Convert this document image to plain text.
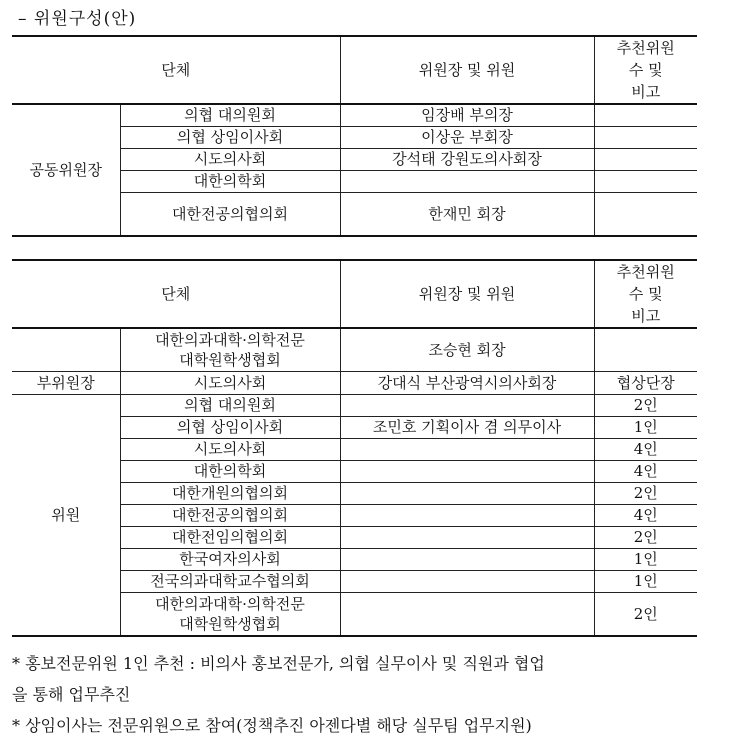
– 위원구성(안)
단체		위원장 및 위원	추천위원
수 및
비고
공동위원장	의협 대의원회	임장배 부의장	
	의협 상임이사회	이상운 부회장	
	시도의사회	강석태 강원도의사회장	
	대한의학회		
	대한전공의협의회	한재민 회장	
단체		위원장 및 위원	추천위원
수 및
비고
	대한의과대학·의학전문
대학원학생협회	조승현 회장	
부위원장	시도의사회	강대식 부산광역시의사회장	협상단장
위원	의협 대의원회		2인
	의협 상임이사회	조민호 기획이사 겸 의무이사	1인
	시도의사회		4인
	대한의학회		4인
	대한개원의협의회		2인
	대한전공의협의회		4인
	대한전임의협의회		2인
	한국여자의사회		1인
	전국의과대학교수협의회		1인
	대한의과대학·의학전문
대학원학생협회		2인
* 홍보전문위원 1인 추천 : 비의사 홍보전문가, 의협 실무이사 및 직원과 협업
을 통해 업무추진
* 상임이사는 전문위원으로 참여(정책추진 아젠다별 해당 실무팀 업무지원)
